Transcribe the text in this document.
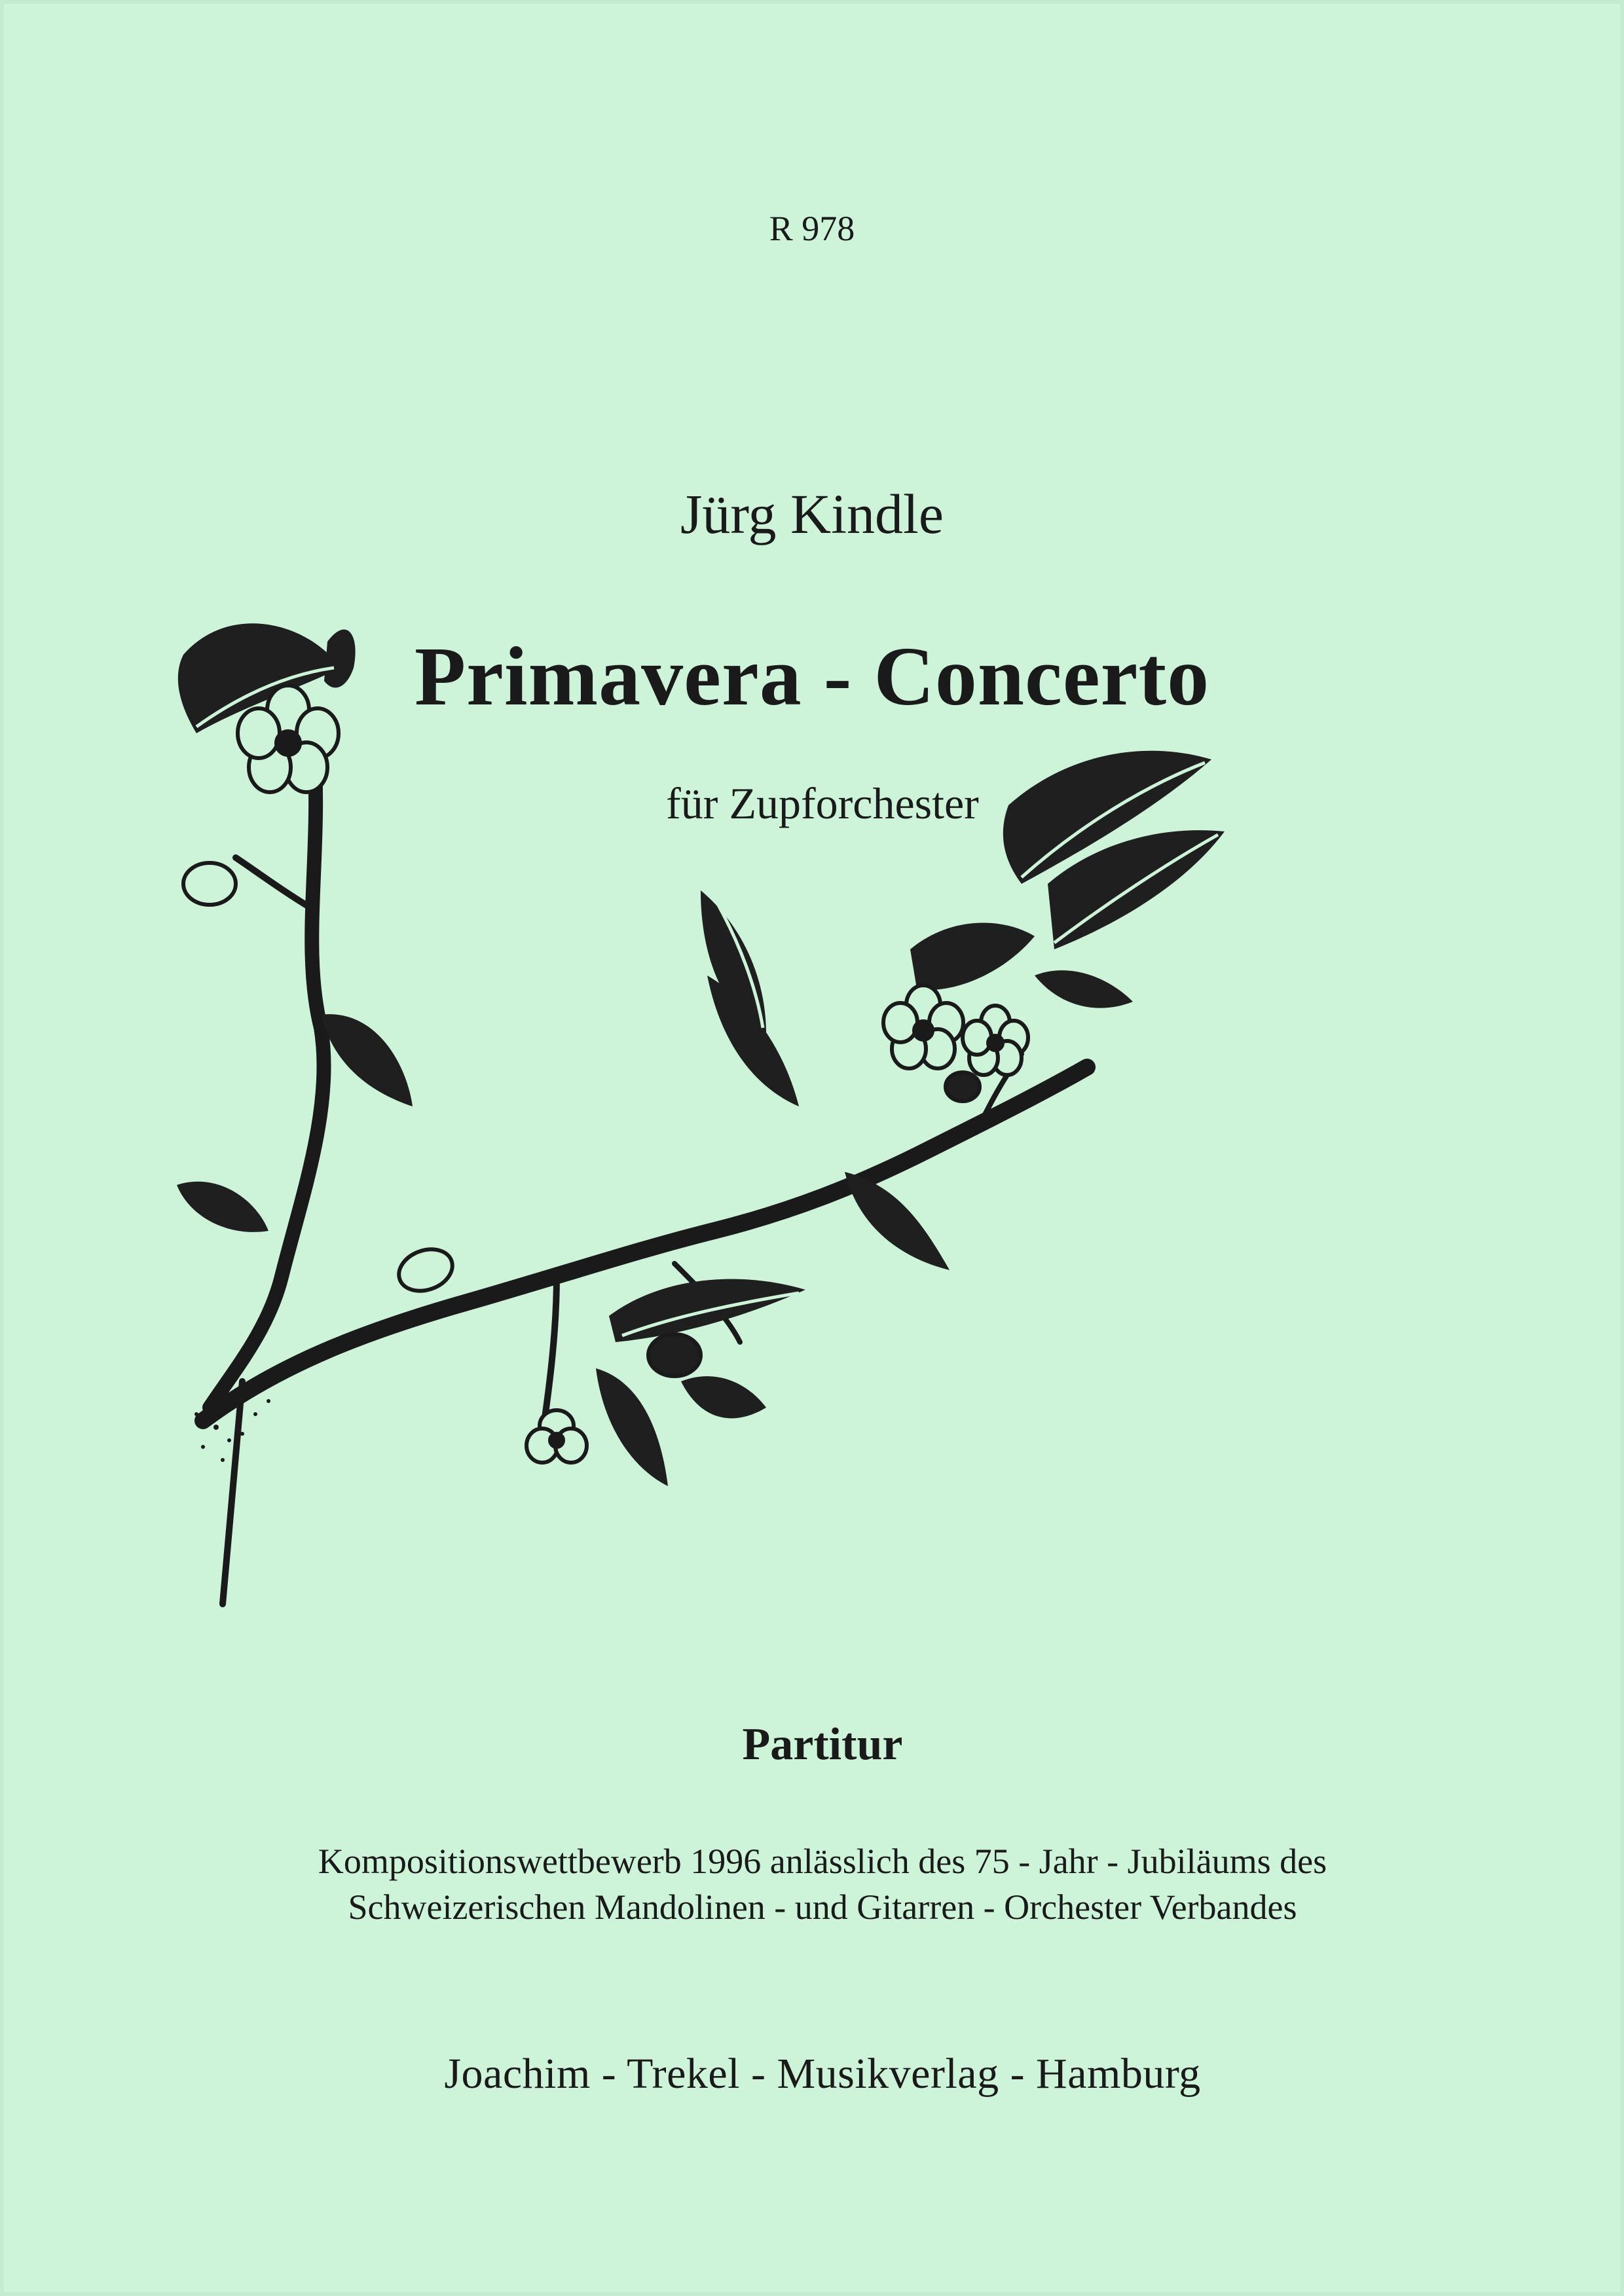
R 978
Jürg Kindle
Primavera - Concerto
für Zupforchester
Partitur
Kompositionswettbewerb 1996 anlässlich des 75 - Jahr - Jubiläums des
Schweizerischen Mandolinen - und Gitarren - Orchester Verbandes
Joachim - Trekel - Musikverlag - Hamburg
